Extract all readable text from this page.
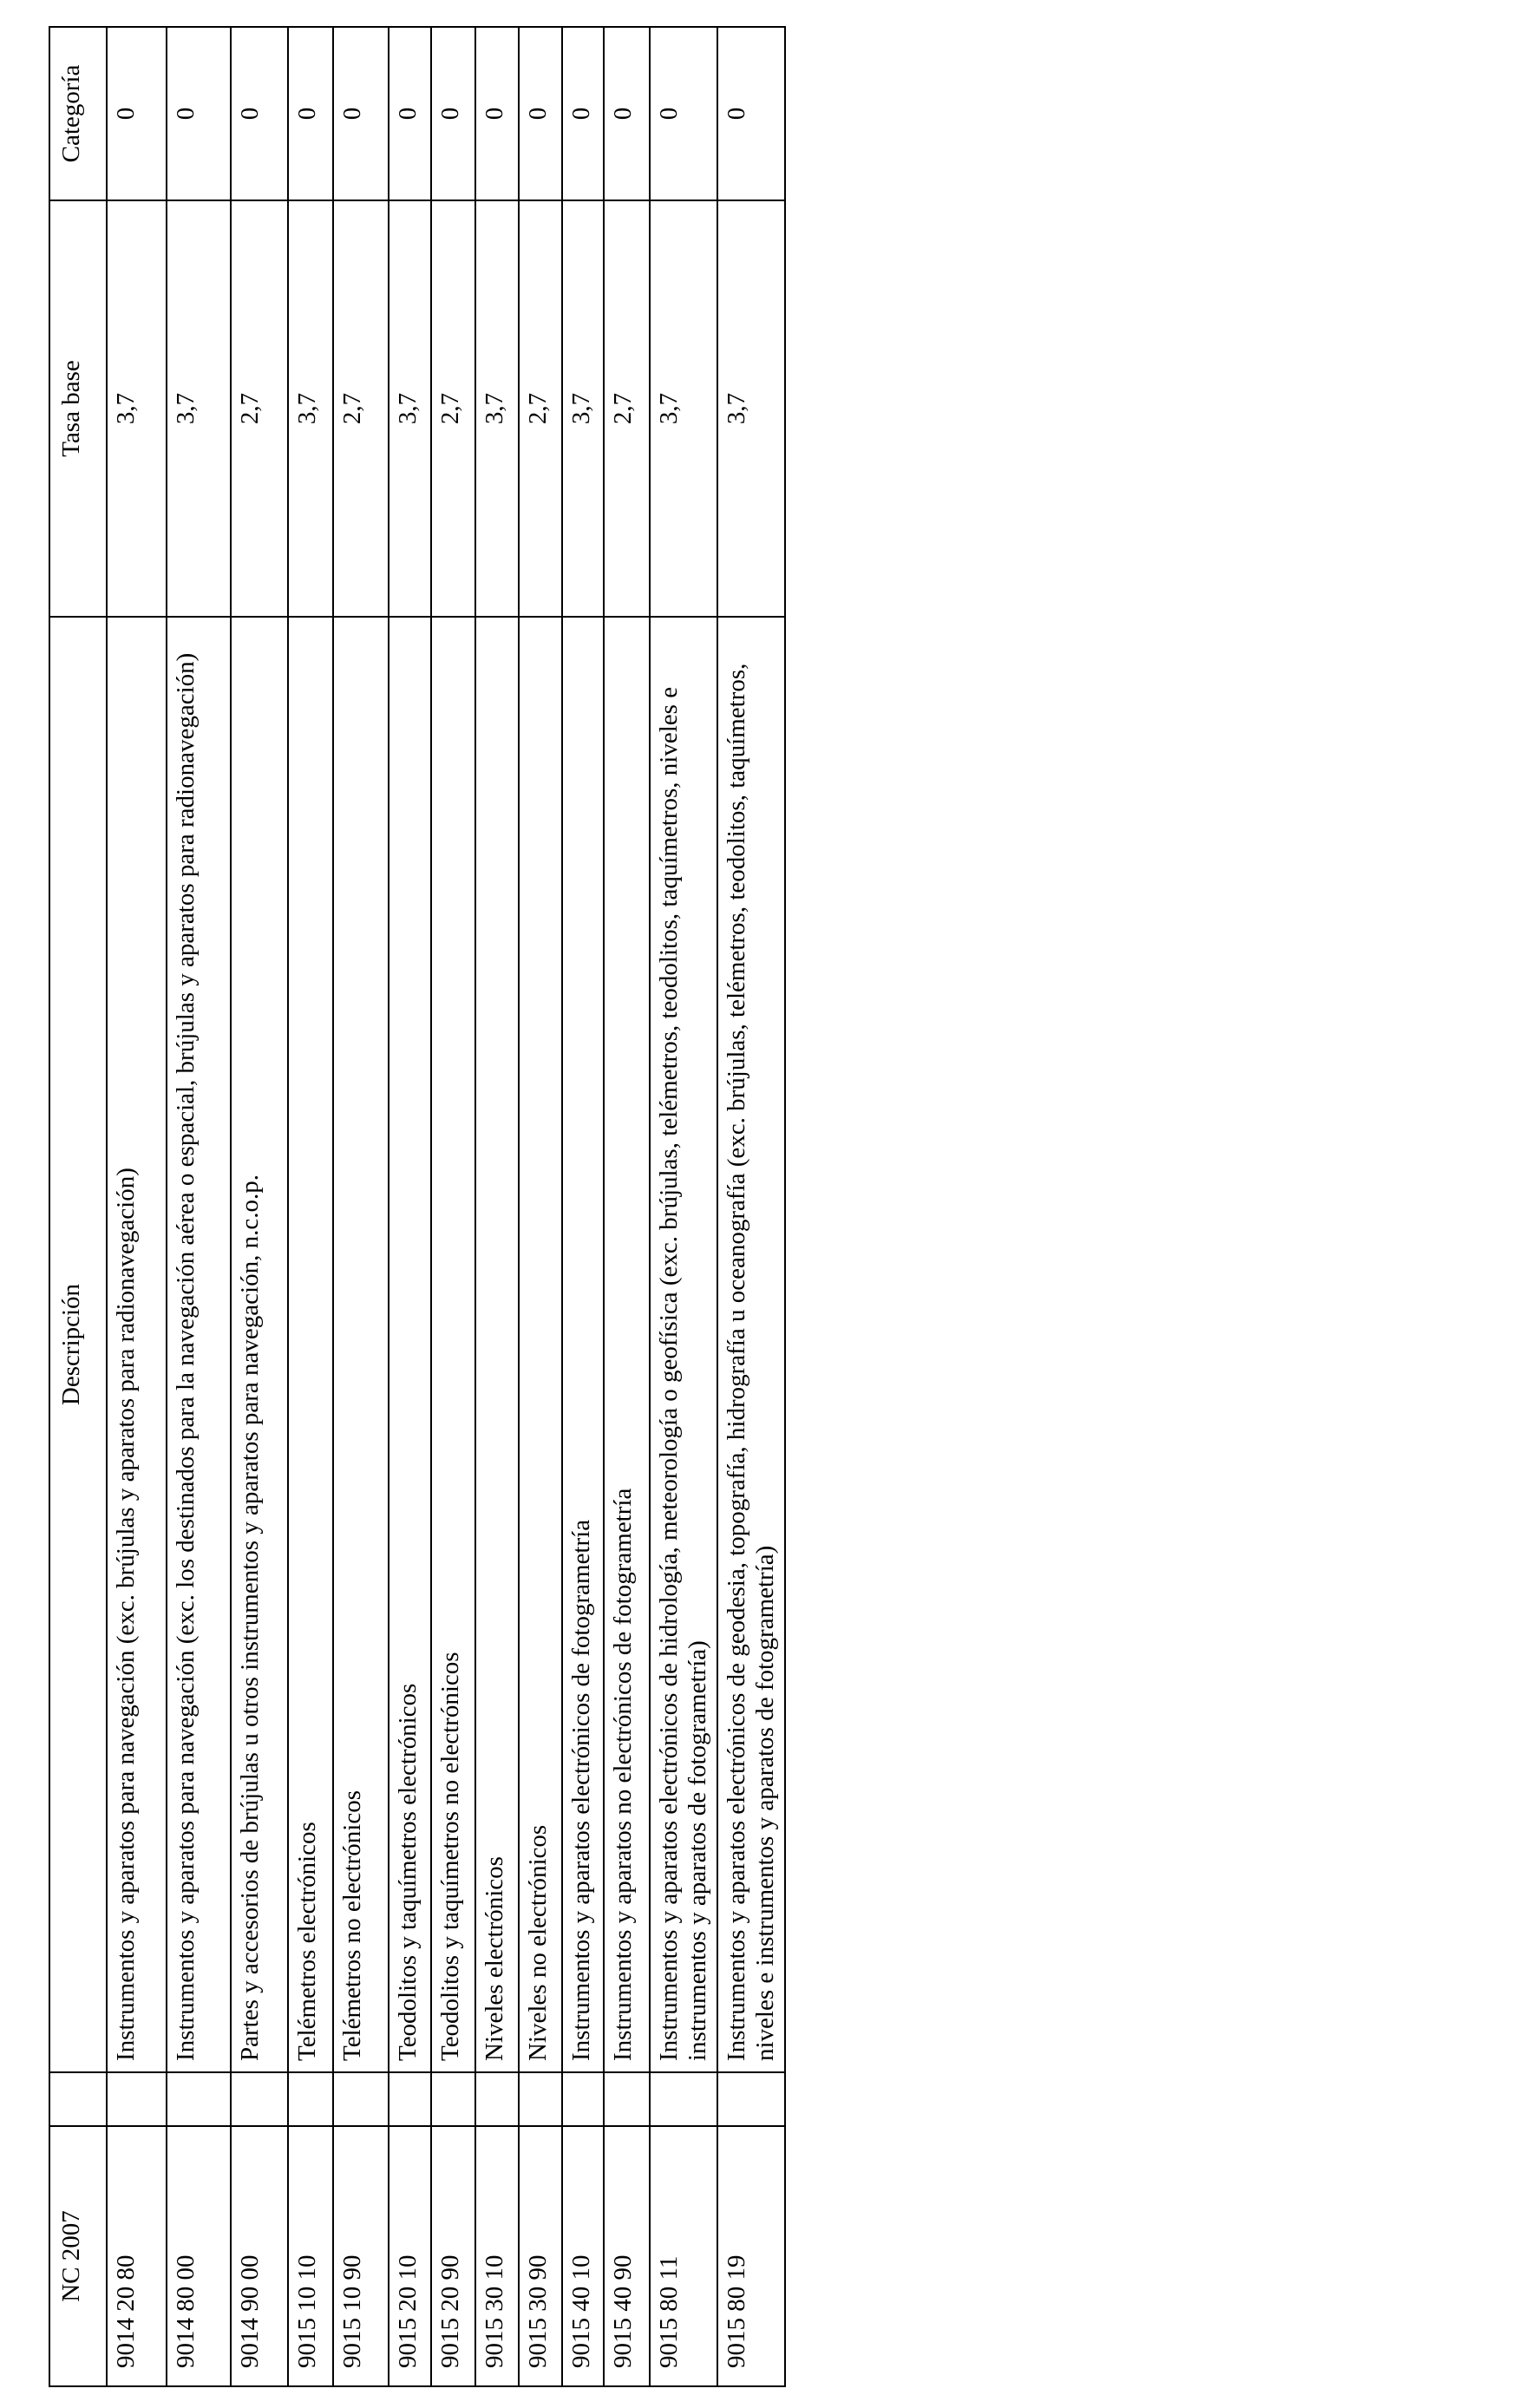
NC 2007		Descripción	Tasa base	Categoría
9014 20 80		Instrumentos y aparatos para navegación (exc. brújulas y aparatos para radionavegación)	3,7	0
9014 80 00		Instrumentos y aparatos para navegación (exc. los destinados para la navegación aérea o espacial, brújulas y aparatos para radionavegación)	3,7	0
9014 90 00		Partes y accesorios de brújulas u otros instrumentos y aparatos para navegación, n.c.o.p.	2,7	0
9015 10 10		Telémetros electrónicos	3,7	0
9015 10 90		Telémetros no electrónicos	2,7	0
9015 20 10		Teodolitos y taquímetros electrónicos	3,7	0
9015 20 90		Teodolitos y taquímetros no electrónicos	2,7	0
9015 30 10		Niveles electrónicos	3,7	0
9015 30 90		Niveles no electrónicos	2,7	0
9015 40 10		Instrumentos y aparatos electrónicos de fotogrametría	3,7	0
9015 40 90		Instrumentos y aparatos no electrónicos de fotogrametría	2,7	0
9015 80 11		Instrumentos y aparatos electrónicos de hidrología, meteorología o geofísica (exc. brújulas, telémetros, teodolitos, taquímetros, niveles e instrumentos y aparatos de fotogrametría)	3,7	0
9015 80 19		Instrumentos y aparatos electrónicos de geodesia, topografía, hidrografía u oceanografía (exc. brújulas, telémetros, teodolitos, taquímetros, niveles e instrumentos y aparatos de fotogrametría)	3,7	0
